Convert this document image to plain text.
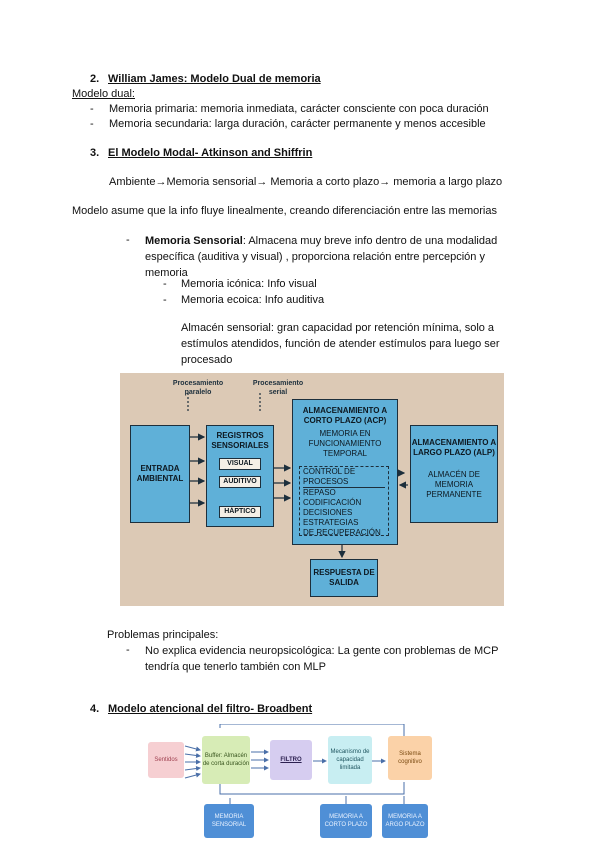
2. William James: Modelo Dual de memoria
Modelo dual:
- Memoria primaria: memoria inmediata, carácter consciente con poca duración
- Memoria secundaria: larga duración, carácter permanente y menos accesible
3. El Modelo Modal- Atkinson and Shiffrin
Ambiente→Memoria sensorial→ Memoria a corto plazo→ memoria a largo plazo
Modelo asume que la info fluye linealmente, creando diferenciación entre las memorias
- Memoria Sensorial: Almacena muy breve info dentro de una modalidad específica (auditiva y visual) , proporciona relación entre percepción y memoria
- Memoria icónica: Info visual
- Memoria ecoica: Info auditiva
Almacén sensorial: gran capacidad por retención mínima, solo a estímulos atendidos, función de atender estímulos para luego ser procesado
Procesamiento paralelo
Procesamiento serial
ENTRADA AMBIENTAL
REGISTROS SENSORIALES
VISUAL
AUDITIVO
HÁPTICO
ALMACENAMIENTO A CORTO PLAZO (ACP)
MEMORIA EN FUNCIONAMIENTO TEMPORAL
CONTROL DE PROCESOS
REPASO
CODIFICACIÓN
DECISIONES
ESTRATEGIAS
DE RECUPERACIÓN
ALMACENAMIENTO A LARGO PLAZO (ALP)
ALMACÉN DE MEMORIA PERMANENTE
RESPUESTA DE SALIDA
Problemas principales:
- No explica evidencia neuropsicológica: La gente con problemas de MCP tendría que tenerlo también con MLP
4. Modelo atencional del filtro- Broadbent
Sentidos
Buffer: Almacén de corta duración
FILTRO
Mecanismo de capacidad limitada
Sistema cognitivo
MEMORIA SENSORIAL
MEMORIA A CORTO PLAZO
MEMORIA A ARGO PLAZO
